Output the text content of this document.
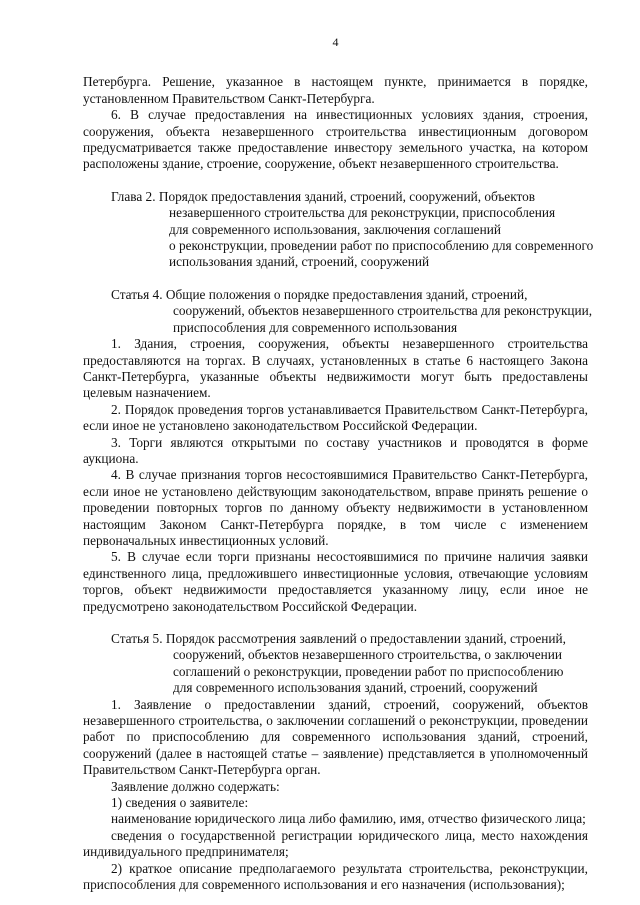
4

Петербурга. Решение, указанное в настоящем пункте, принимается в порядке, установленном Правительством Санкт-Петербурга.

6. В случае предоставления на инвестиционных условиях здания, строения, сооружения, объекта незавершенного строительства инвестиционным договором предусматривается также предоставление инвестору земельного участка, на котором расположены здание, строение, сооружение, объект незавершенного строительства.

Глава 2. Порядок предоставления зданий, строений, сооружений, объектов
незавершенного строительства для реконструкции, приспособления
для современного использования, заключения соглашений
о реконструкции, проведении работ по приспособлению для современного
использования зданий, строений, сооружений
Статья 4. Общие положения о порядке предоставления зданий, строений,
сооружений, объектов незавершенного строительства для реконструкции,
приспособления для современного использования

1. Здания, строения, сооружения, объекты незавершенного строительства предоставляются на торгах. В случаях, установленных в статье 6 настоящего Закона Санкт-Петербурга, указанные объекты недвижимости могут быть предоставлены целевым назначением.

2. Порядок проведения торгов устанавливается Правительством Санкт-Петербурга, если иное не установлено законодательством Российской Федерации.

3. Торги являются открытыми по составу участников и проводятся в форме аукциона.

4. В случае признания торгов несостоявшимися Правительство Санкт-Петербурга, если иное не установлено действующим законодательством, вправе принять решение о проведении повторных торгов по данному объекту недвижимости в установленном настоящим Законом Санкт-Петербурга порядке, в том числе с изменением первоначальных инвестиционных условий.

5. В случае если торги признаны несостоявшимися по причине наличия заявки единственного лица, предложившего инвестиционные условия, отвечающие условиям торгов, объект недвижимости предоставляется указанному лицу, если иное не предусмотрено законодательством Российской Федерации.

Статья 5. Порядок рассмотрения заявлений о предоставлении зданий, строений,
сооружений, объектов незавершенного строительства, о заключении
соглашений о реконструкции, проведении работ по приспособлению
для современного использования зданий, строений, сооружений

1. Заявление о предоставлении зданий, строений, сооружений, объектов незавершенного строительства, о заключении соглашений о реконструкции, проведении работ по приспособлению для современного использования зданий, строений, сооружений (далее в настоящей статье – заявление) представляется в уполномоченный Правительством Санкт-Петербурга орган.

Заявление должно содержать:

1) сведения о заявителе:

наименование юридического лица либо фамилию, имя, отчество физического лица;

сведения о государственной регистрации юридического лица, место нахождения индивидуального предпринимателя;

2) краткое описание предполагаемого результата строительства, реконструкции, приспособления для современного использования и его назначения (использования);
